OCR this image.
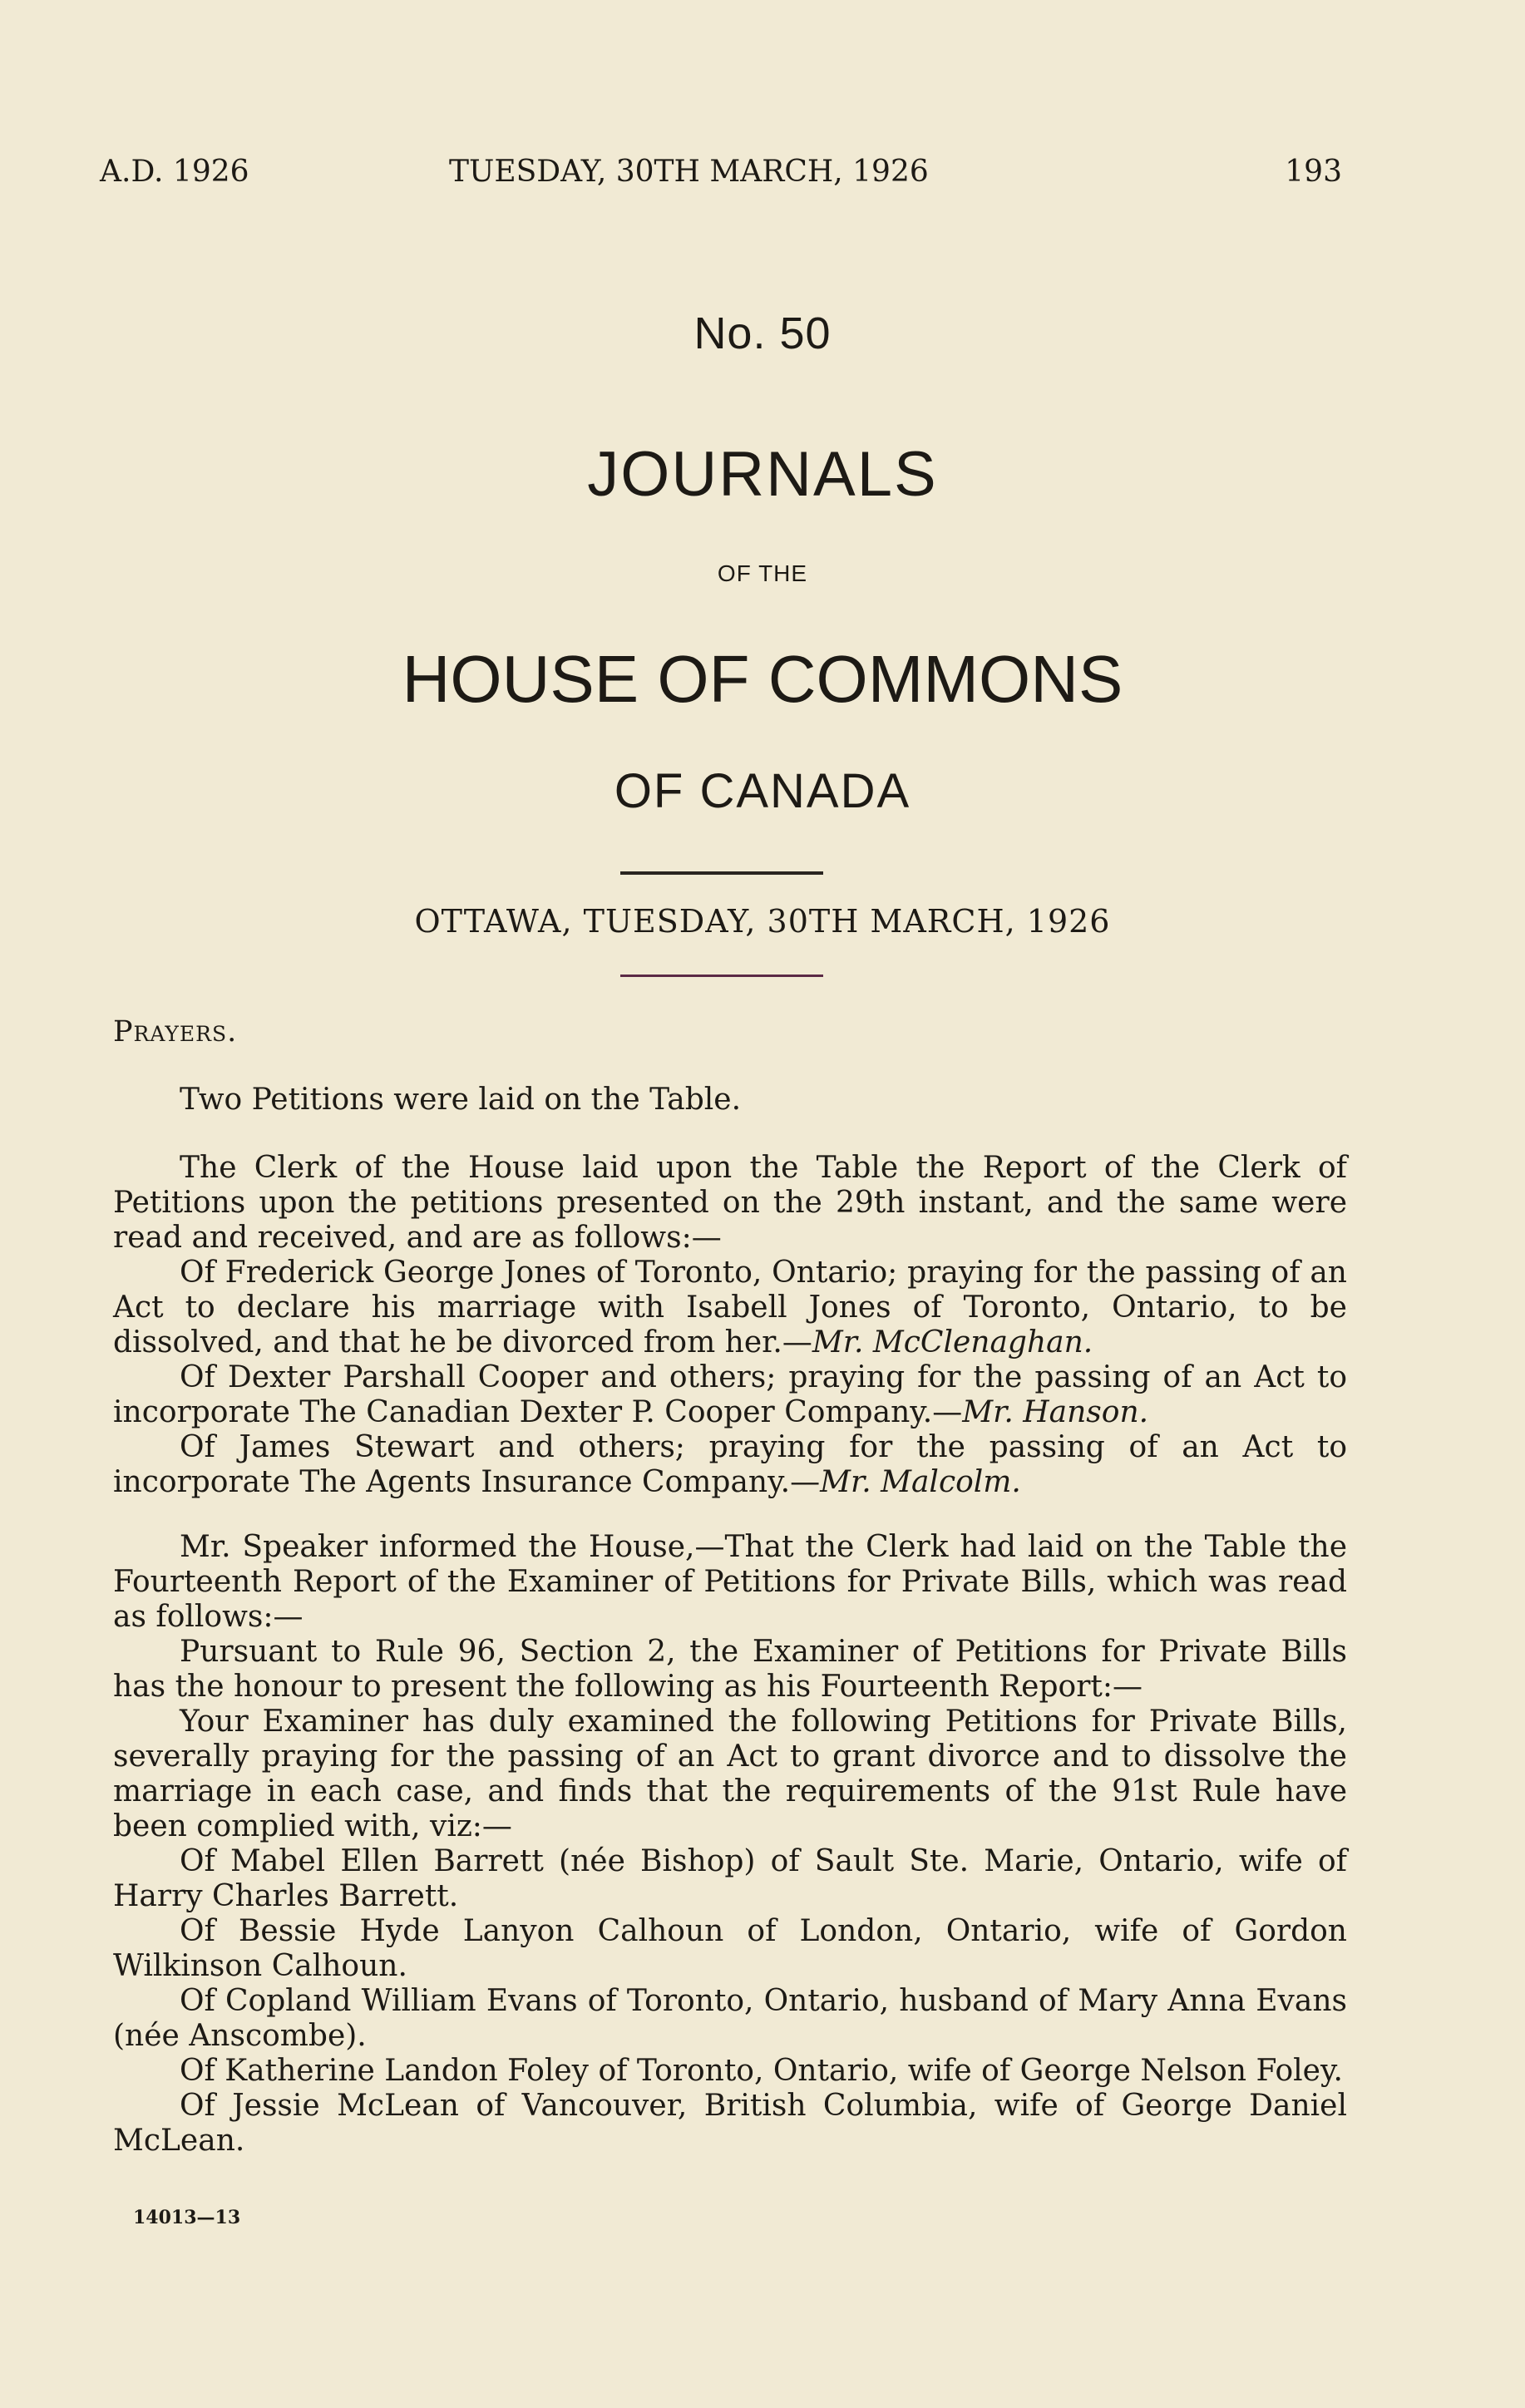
A.D. 1926	TUESDAY, 30TH MARCH, 1926	193
No. 50
JOURNALS
OF THE
HOUSE OF COMMONS
OF CANADA
OTTAWA, TUESDAY, 30TH MARCH, 1926

Prayers.

Two Petitions were laid on the Table.

The Clerk of the House laid upon the Table the Report of the Clerk of Petitions upon the petitions presented on the 29th instant, and the same were read and received, and are as follows:—

Of Frederick George Jones of Toronto, Ontario; praying for the passing of an Act to declare his marriage with Isabell Jones of Toronto, Ontario, to be dissolved, and that he be divorced from her.—Mr. McClenaghan.

Of Dexter Parshall Cooper and others; praying for the passing of an Act to incorporate The Canadian Dexter P. Cooper Company.—Mr. Hanson.

Of James Stewart and others; praying for the passing of an Act to incorporate The Agents Insurance Company.—Mr. Malcolm.

Mr. Speaker informed the House,—That the Clerk had laid on the Table the Fourteenth Report of the Examiner of Petitions for Private Bills, which was read as follows:—

Pursuant to Rule 96, Section 2, the Examiner of Petitions for Private Bills has the honour to present the following as his Fourteenth Report:—

Your Examiner has duly examined the following Petitions for Private Bills, severally praying for the passing of an Act to grant divorce and to dissolve the marriage in each case, and finds that the requirements of the 91st Rule have been complied with, viz:—

Of Mabel Ellen Barrett (née Bishop) of Sault Ste. Marie, Ontario, wife of Harry Charles Barrett.

Of Bessie Hyde Lanyon Calhoun of London, Ontario, wife of Gordon Wilkinson Calhoun.

Of Copland William Evans of Toronto, Ontario, husband of Mary Anna Evans (née Anscombe).

Of Katherine Landon Foley of Toronto, Ontario, wife of George Nelson Foley.

Of Jessie McLean of Vancouver, British Columbia, wife of George Daniel McLean.

14013—13
